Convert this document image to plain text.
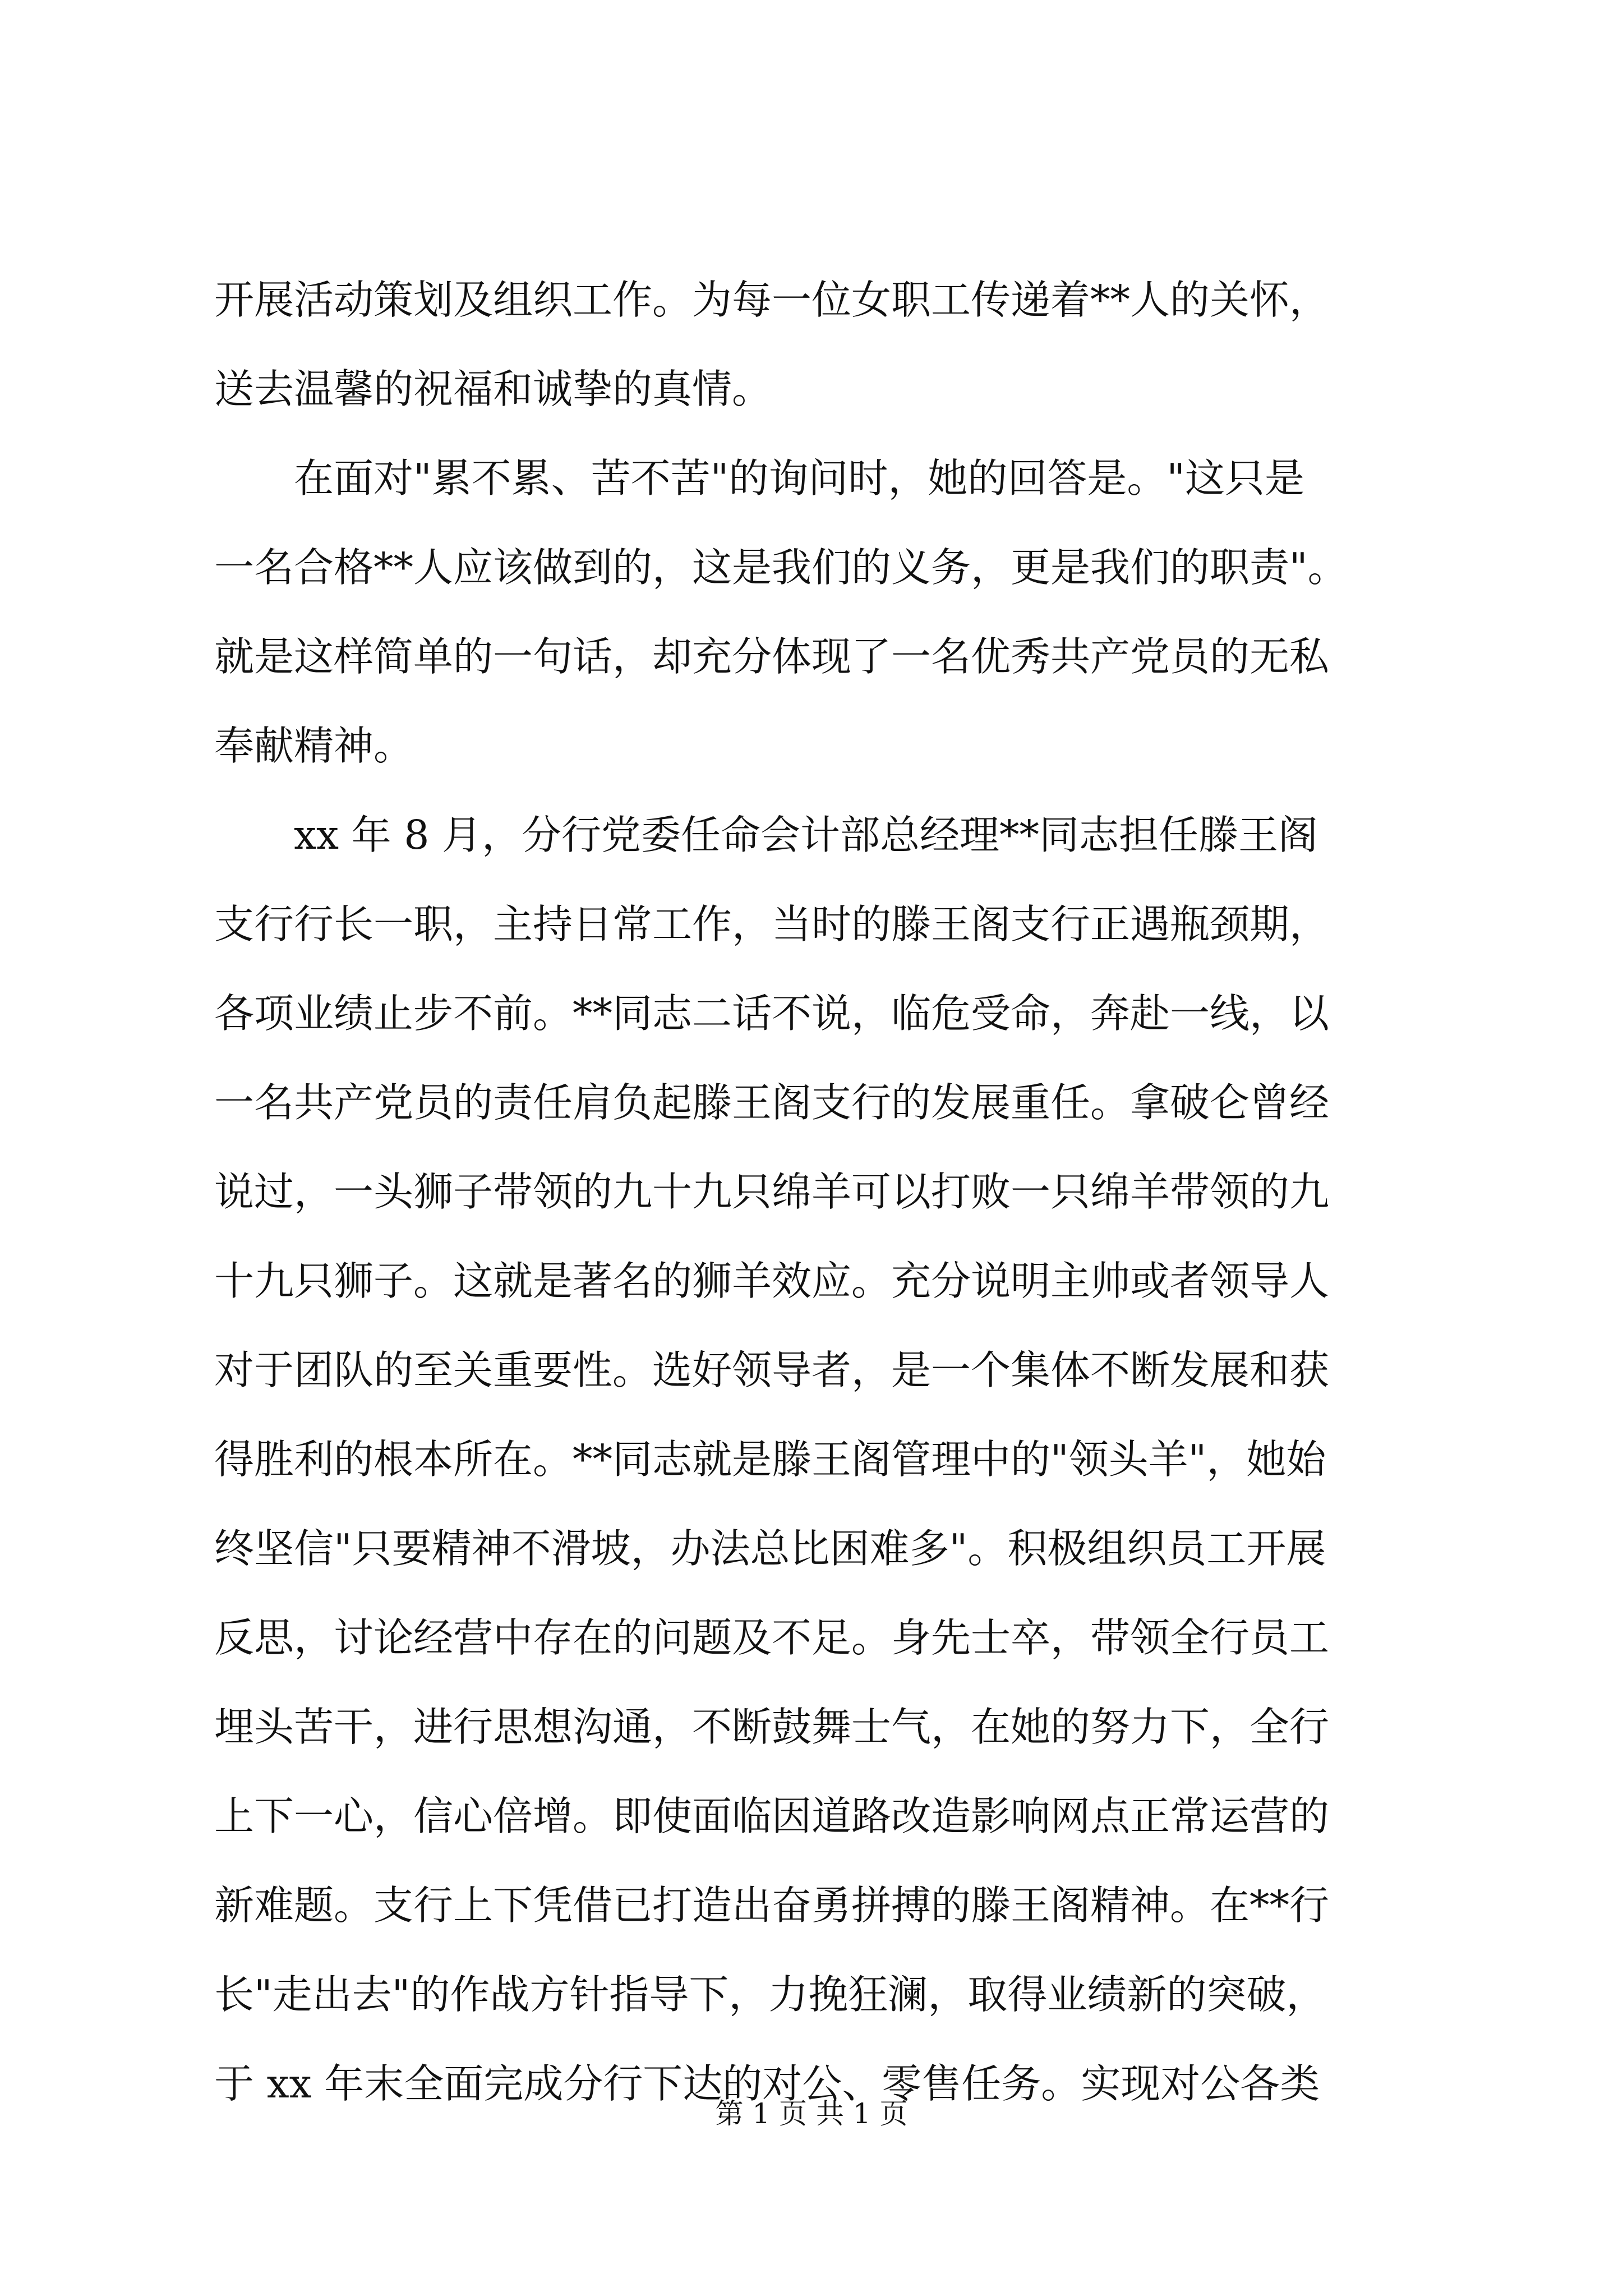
开展活动策划及组织工作。为每一位女职工传递着**人的关怀，
送去温馨的祝福和诚挚的真情。
　　在面对"累不累、苦不苦"的询问时，她的回答是。"这只是
一名合格**人应该做到的，这是我们的义务，更是我们的职责"。
就是这样简单的一句话，却充分体现了一名优秀共产党员的无私
奉献精神。
　　xx 年 8 月，分行党委任命会计部总经理**同志担任滕王阁
支行行长一职，主持日常工作，当时的滕王阁支行正遇瓶颈期，
各项业绩止步不前。**同志二话不说，临危受命，奔赴一线，以
一名共产党员的责任肩负起滕王阁支行的发展重任。拿破仑曾经
说过，一头狮子带领的九十九只绵羊可以打败一只绵羊带领的九
十九只狮子。这就是著名的狮羊效应。充分说明主帅或者领导人
对于团队的至关重要性。选好领导者，是一个集体不断发展和获
得胜利的根本所在。**同志就是滕王阁管理中的"领头羊"，她始
终坚信"只要精神不滑坡，办法总比困难多"。积极组织员工开展
反思，讨论经营中存在的问题及不足。身先士卒，带领全行员工
埋头苦干，进行思想沟通，不断鼓舞士气，在她的努力下，全行
上下一心，信心倍增。即使面临因道路改造影响网点正常运营的
新难题。支行上下凭借已打造出奋勇拼搏的滕王阁精神。在**行
长"走出去"的作战方针指导下，力挽狂澜，取得业绩新的突破，
于 xx 年末全面完成分行下达的对公、零售任务。实现对公各类
第 1 页 共 1 页
